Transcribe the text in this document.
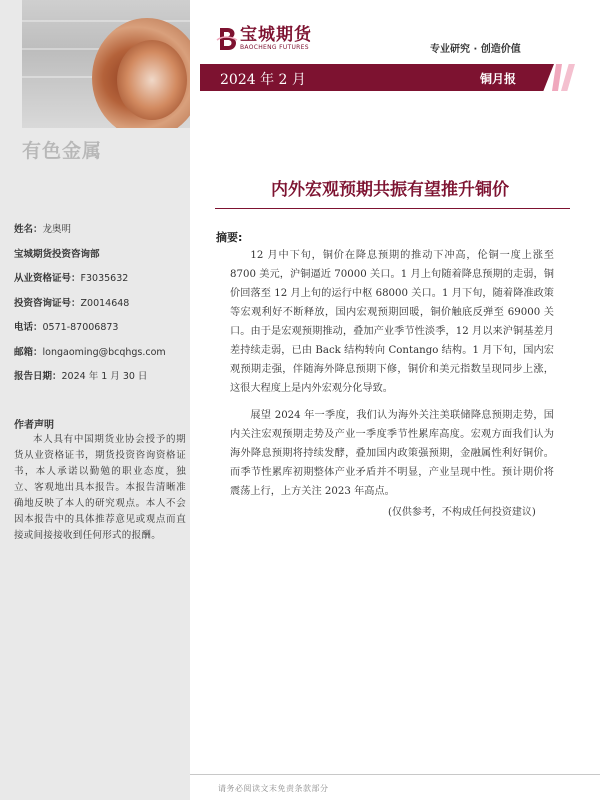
有色金属
姓名：龙奥明
宝城期货投资咨询部
从业资格证号：F3035632
投资咨询证号：Z0014648
电话：0571-87006873
邮箱：longaoming@bcqhgs.com
报告日期：2024 年 1 月 30 日
作者声明
本人具有中国期货业协会授予的期货从业资格证书，期货投资咨询资格证书，本人承诺以勤勉的职业态度，独立、客观地出具本报告。本报告清晰准确地反映了本人的研究观点。本人不会因本报告中的具体推荐意见或观点而直接或间接接收到任何形式的报酬。
宝城期货
BAOCHENG FUTURES	专业研究 · 创造价值
2024 年 2 月	铜月报
内外宏观预期共振有望推升铜价
摘要:
12 月中下旬，铜价在降息预期的推动下冲高，伦铜一度上涨至 8700 美元，沪铜逼近 70000 关口。1 月上旬随着降息预期的走弱，铜价回落至 12 月上旬的运行中枢 68000 关口。1 月下旬，随着降准政策等宏观利好不断释放，国内宏观预期回暖，铜价触底反弹至 69000 关口。由于是宏观预期推动，叠加产业季节性淡季，12 月以来沪铜基差月差持续走弱，已由 Back 结构转向 Contango 结构。1 月下旬，国内宏观预期走强，伴随海外降息预期下修，铜价和美元指数呈现同步上涨，这很大程度上是内外宏观分化导致。
展望 2024 年一季度，我们认为海外关注美联储降息预期走势，国内关注宏观预期走势及产业一季度季节性累库高度。宏观方面我们认为海外降息预期将持续发酵，叠加国内政策强预期，金融属性利好铜价。而季节性累库初期整体产业矛盾并不明显，产业呈现中性。预计期价将震荡上行，上方关注 2023 年高点。
(仅供参考，不构成任何投资建议)
请务必阅读文末免责条款部分
